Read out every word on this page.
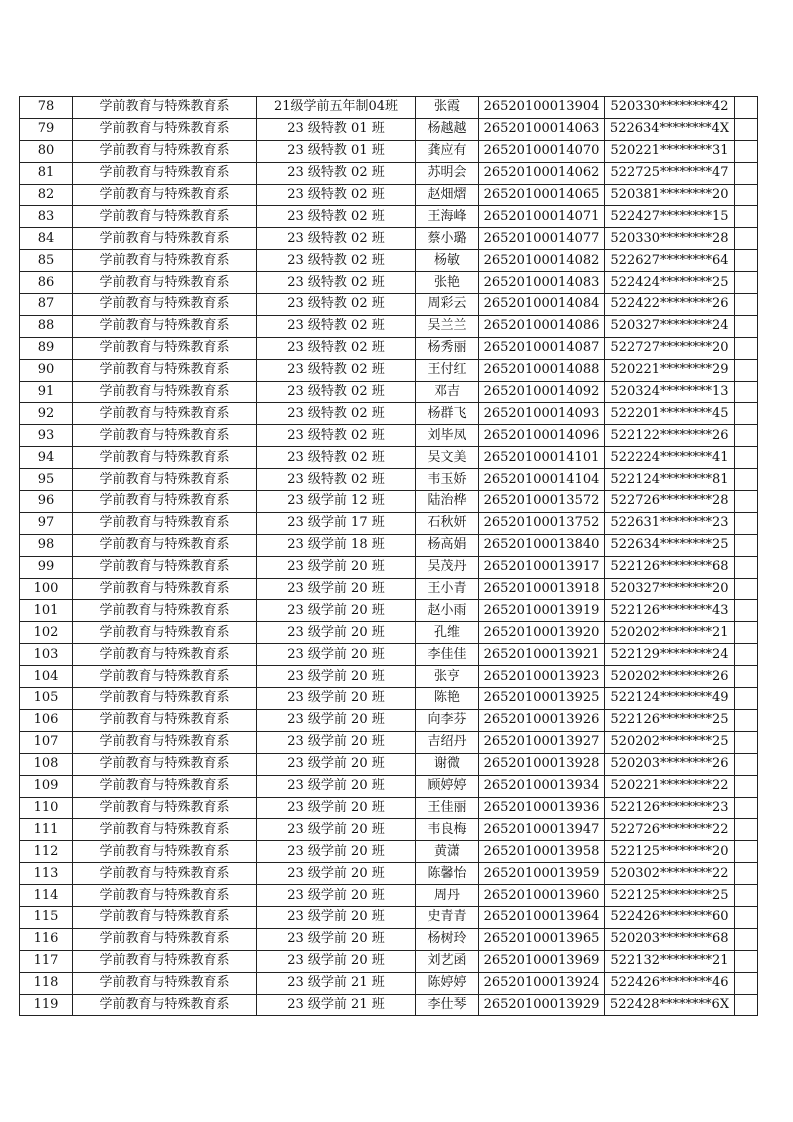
78	学前教育与特殊教育系	21级学前五年制04班	张霞	26520100013904	520330********42	
79	学前教育与特殊教育系	23 级特教 01 班	杨越越	26520100014063	522634********4X	
80	学前教育与特殊教育系	23 级特教 01 班	龚应有	26520100014070	520221********31	
81	学前教育与特殊教育系	23 级特教 02 班	苏明会	26520100014062	522725********47	
82	学前教育与特殊教育系	23 级特教 02 班	赵畑熠	26520100014065	520381********20	
83	学前教育与特殊教育系	23 级特教 02 班	王海峰	26520100014071	522427********15	
84	学前教育与特殊教育系	23 级特教 02 班	蔡小璐	26520100014077	520330********28	
85	学前教育与特殊教育系	23 级特教 02 班	杨敏	26520100014082	522627********64	
86	学前教育与特殊教育系	23 级特教 02 班	张艳	26520100014083	522424********25	
87	学前教育与特殊教育系	23 级特教 02 班	周彩云	26520100014084	522422********26	
88	学前教育与特殊教育系	23 级特教 02 班	吴兰兰	26520100014086	520327********24	
89	学前教育与特殊教育系	23 级特教 02 班	杨秀丽	26520100014087	522727********20	
90	学前教育与特殊教育系	23 级特教 02 班	王付红	26520100014088	520221********29	
91	学前教育与特殊教育系	23 级特教 02 班	邓吉	26520100014092	520324********13	
92	学前教育与特殊教育系	23 级特教 02 班	杨群飞	26520100014093	522201********45	
93	学前教育与特殊教育系	23 级特教 02 班	刘毕凤	26520100014096	522122********26	
94	学前教育与特殊教育系	23 级特教 02 班	吴文美	26520100014101	522224********41	
95	学前教育与特殊教育系	23 级特教 02 班	韦玉娇	26520100014104	522124********81	
96	学前教育与特殊教育系	23 级学前 12 班	陆治桦	26520100013572	522726********28	
97	学前教育与特殊教育系	23 级学前 17 班	石秋妍	26520100013752	522631********23	
98	学前教育与特殊教育系	23 级学前 18 班	杨高娟	26520100013840	522634********25	
99	学前教育与特殊教育系	23 级学前 20 班	吴茂丹	26520100013917	522126********68	
100	学前教育与特殊教育系	23 级学前 20 班	王小青	26520100013918	520327********20	
101	学前教育与特殊教育系	23 级学前 20 班	赵小雨	26520100013919	522126********43	
102	学前教育与特殊教育系	23 级学前 20 班	孔维	26520100013920	520202********21	
103	学前教育与特殊教育系	23 级学前 20 班	李佳佳	26520100013921	522129********24	
104	学前教育与特殊教育系	23 级学前 20 班	张亨	26520100013923	520202********26	
105	学前教育与特殊教育系	23 级学前 20 班	陈艳	26520100013925	522124********49	
106	学前教育与特殊教育系	23 级学前 20 班	向李芬	26520100013926	522126********25	
107	学前教育与特殊教育系	23 级学前 20 班	吉绍丹	26520100013927	520202********25	
108	学前教育与特殊教育系	23 级学前 20 班	谢微	26520100013928	520203********26	
109	学前教育与特殊教育系	23 级学前 20 班	顾婷婷	26520100013934	520221********22	
110	学前教育与特殊教育系	23 级学前 20 班	王佳丽	26520100013936	522126********23	
111	学前教育与特殊教育系	23 级学前 20 班	韦良梅	26520100013947	522726********22	
112	学前教育与特殊教育系	23 级学前 20 班	黄潇	26520100013958	522125********20	
113	学前教育与特殊教育系	23 级学前 20 班	陈馨怡	26520100013959	520302********22	
114	学前教育与特殊教育系	23 级学前 20 班	周丹	26520100013960	522125********25	
115	学前教育与特殊教育系	23 级学前 20 班	史青青	26520100013964	522426********60	
116	学前教育与特殊教育系	23 级学前 20 班	杨树玲	26520100013965	520203********68	
117	学前教育与特殊教育系	23 级学前 20 班	刘艺函	26520100013969	522132********21	
118	学前教育与特殊教育系	23 级学前 21 班	陈婷婷	26520100013924	522426********46	
119	学前教育与特殊教育系	23 级学前 21 班	李仕琴	26520100013929	522428********6X	
